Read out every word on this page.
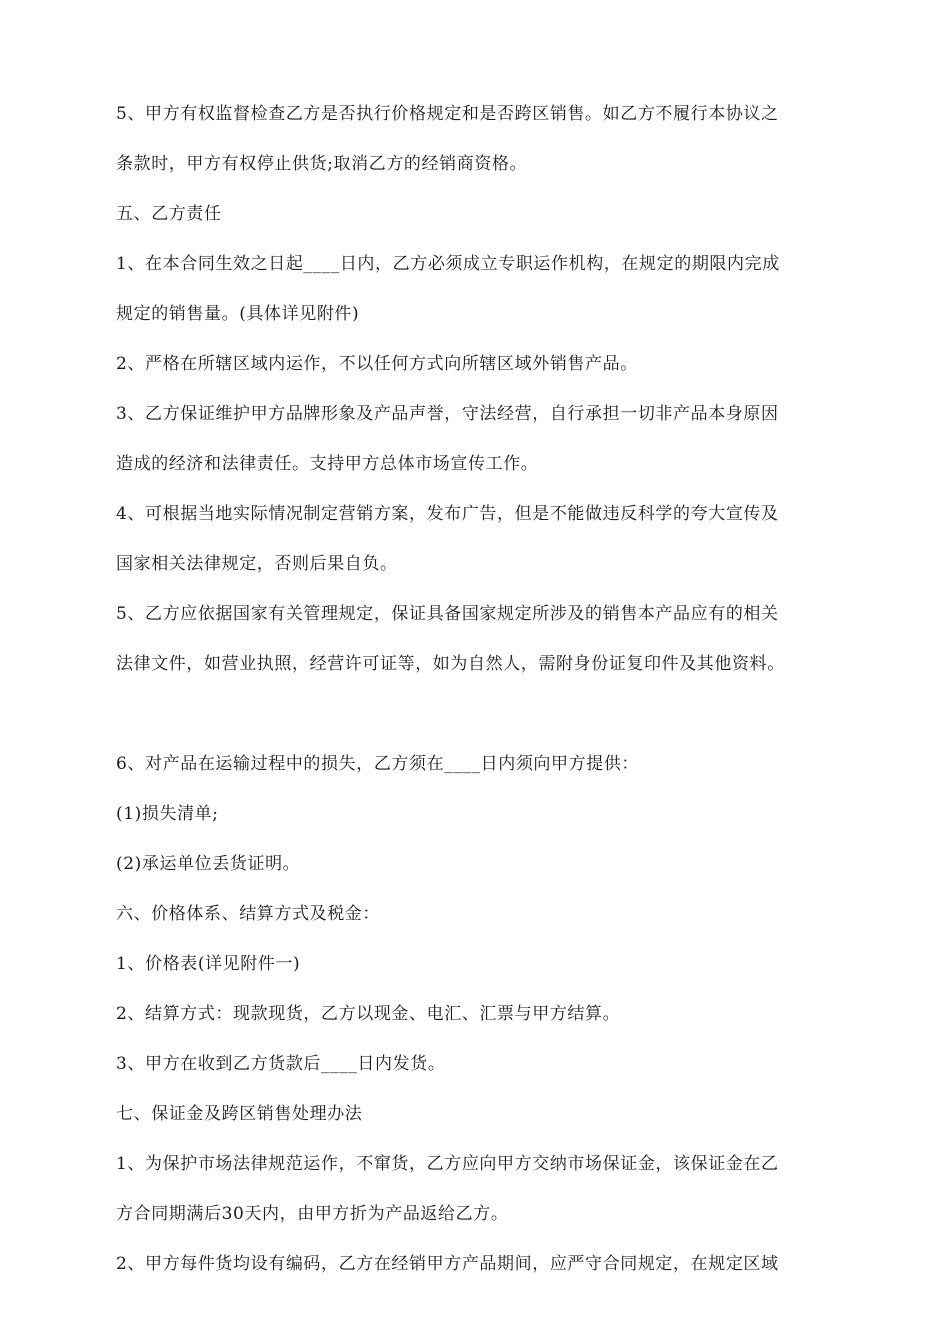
5、甲方有权监督检查乙方是否执行价格规定和是否跨区销售。如乙方不履行本协议之
条款时，甲方有权停止供货;取消乙方的经销商资格。
五、乙方责任
1、在本合同生效之日起____日内，乙方必须成立专职运作机构，在规定的期限内完成
规定的销售量。(具体详见附件)
2、严格在所辖区域内运作，不以任何方式向所辖区域外销售产品。
3、乙方保证维护甲方品牌形象及产品声誉，守法经营，自行承担一切非产品本身原因
造成的经济和法律责任。支持甲方总体市场宣传工作。
4、可根据当地实际情况制定营销方案，发布广告，但是不能做违反科学的夸大宣传及
国家相关法律规定，否则后果自负。
5、乙方应依据国家有关管理规定，保证具备国家规定所涉及的销售本产品应有的相关
法律文件，如营业执照，经营许可证等，如为自然人，需附身份证复印件及其他资料。
6、对产品在运输过程中的损失，乙方须在____日内须向甲方提供：
(1)损失清单;
(2)承运单位丢货证明。
六、价格体系、结算方式及税金：
1、价格表(详见附件一)
2、结算方式：现款现货，乙方以现金、电汇、汇票与甲方结算。
3、甲方在收到乙方货款后____日内发货。
七、保证金及跨区销售处理办法
1、为保护市场法律规范运作，不窜货，乙方应向甲方交纳市场保证金，该保证金在乙
方合同期满后30天内，由甲方折为产品返给乙方。
2、甲方每件货均设有编码，乙方在经销甲方产品期间，应严守合同规定，在规定区域
